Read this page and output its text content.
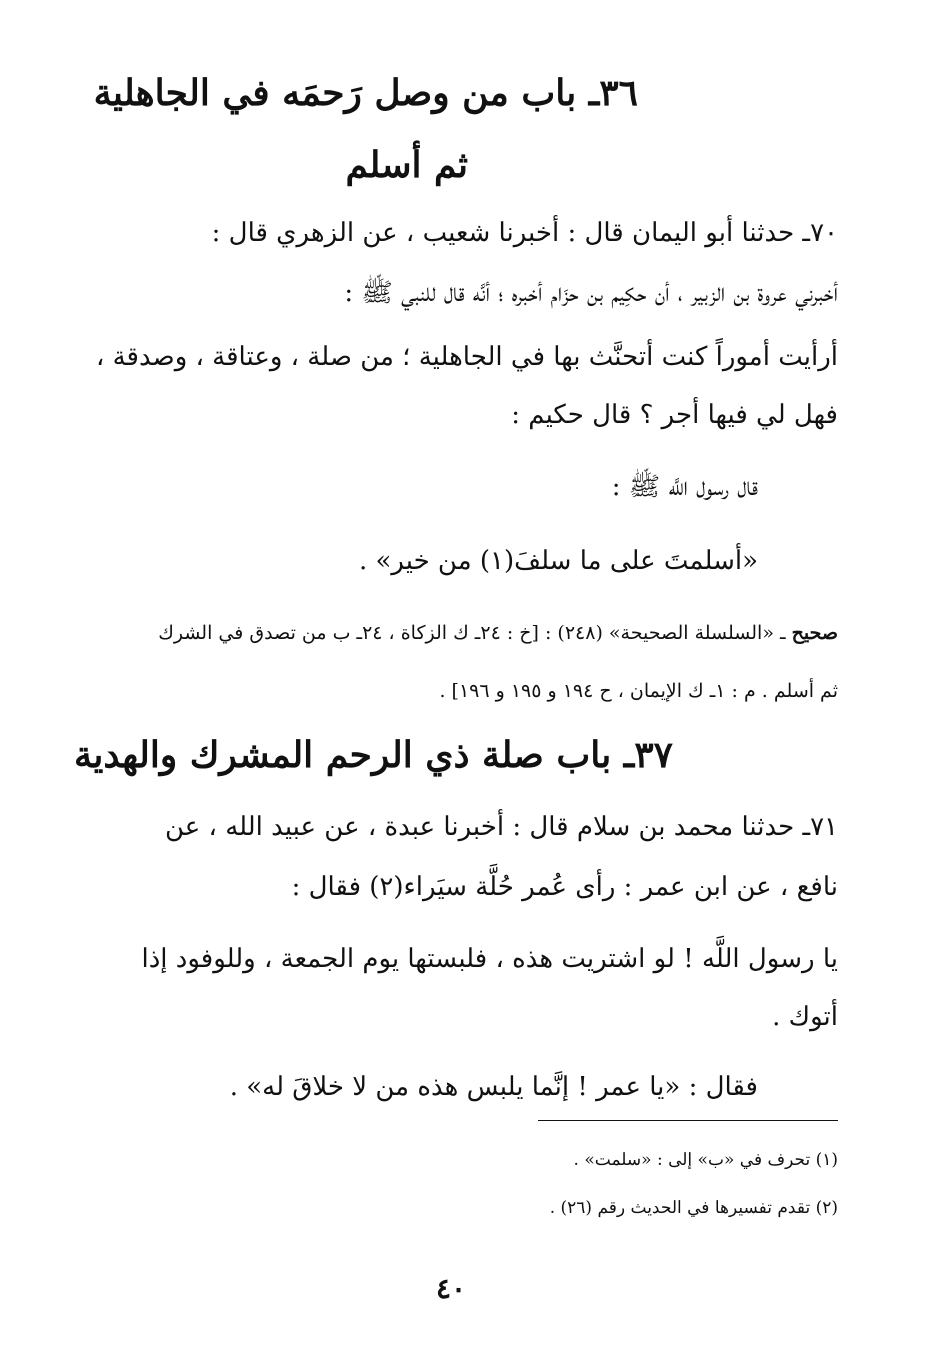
٣٦ـ باب من وصل رَحمَه في الجاهلية
ثم أسلم
٧٠ـ حدثنا أبو اليمان قال : أخبرنا شعيب ، عن الزهري قال :
أخبرني عروة بن الزبير ، أن حكِيم بن حزَام أخبره ؛ أنَّه قال للنبي ﷺ :
أرأيت أموراً كنت أتحنَّث بها في الجاهلية ؛ من صلة ، وعتاقة ، وصدقة ،
فهل لي فيها أجر ؟ قال حكيم :
قال رسول اللَّه ﷺ :
«أسلمتَ على ما سلفَ(١) من خير» .
صحيح ـ «السلسلة الصحيحة» (٢٤٨) : [خ : ٢٤ـ ك الزكاة ، ٢٤ـ ب من تصدق في الشرك
ثم أسلم . م : ١ـ ك الإيمان ، ح ١٩٤ و ١٩٥ و ١٩٦] .
٣٧ـ باب صلة ذي الرحم المشرك والهدية
٧١ـ حدثنا محمد بن سلام قال : أخبرنا عبدة ، عن عبيد الله ، عن
نافع ، عن ابن عمر : رأى عُمر حُلَّة سيَراء(٢) فقال :
يا رسول اللَّه ! لو اشتريت هذه ، فلبستها يوم الجمعة ، وللوفود إذا
أتوك .
فقال : «يا عمر ! إنَّما يلبس هذه من لا خلاقَ له» .
(١) تحرف في «ب» إلى : «سلمت» .
(٢) تقدم تفسيرها في الحديث رقم (٢٦) .
٤٠
